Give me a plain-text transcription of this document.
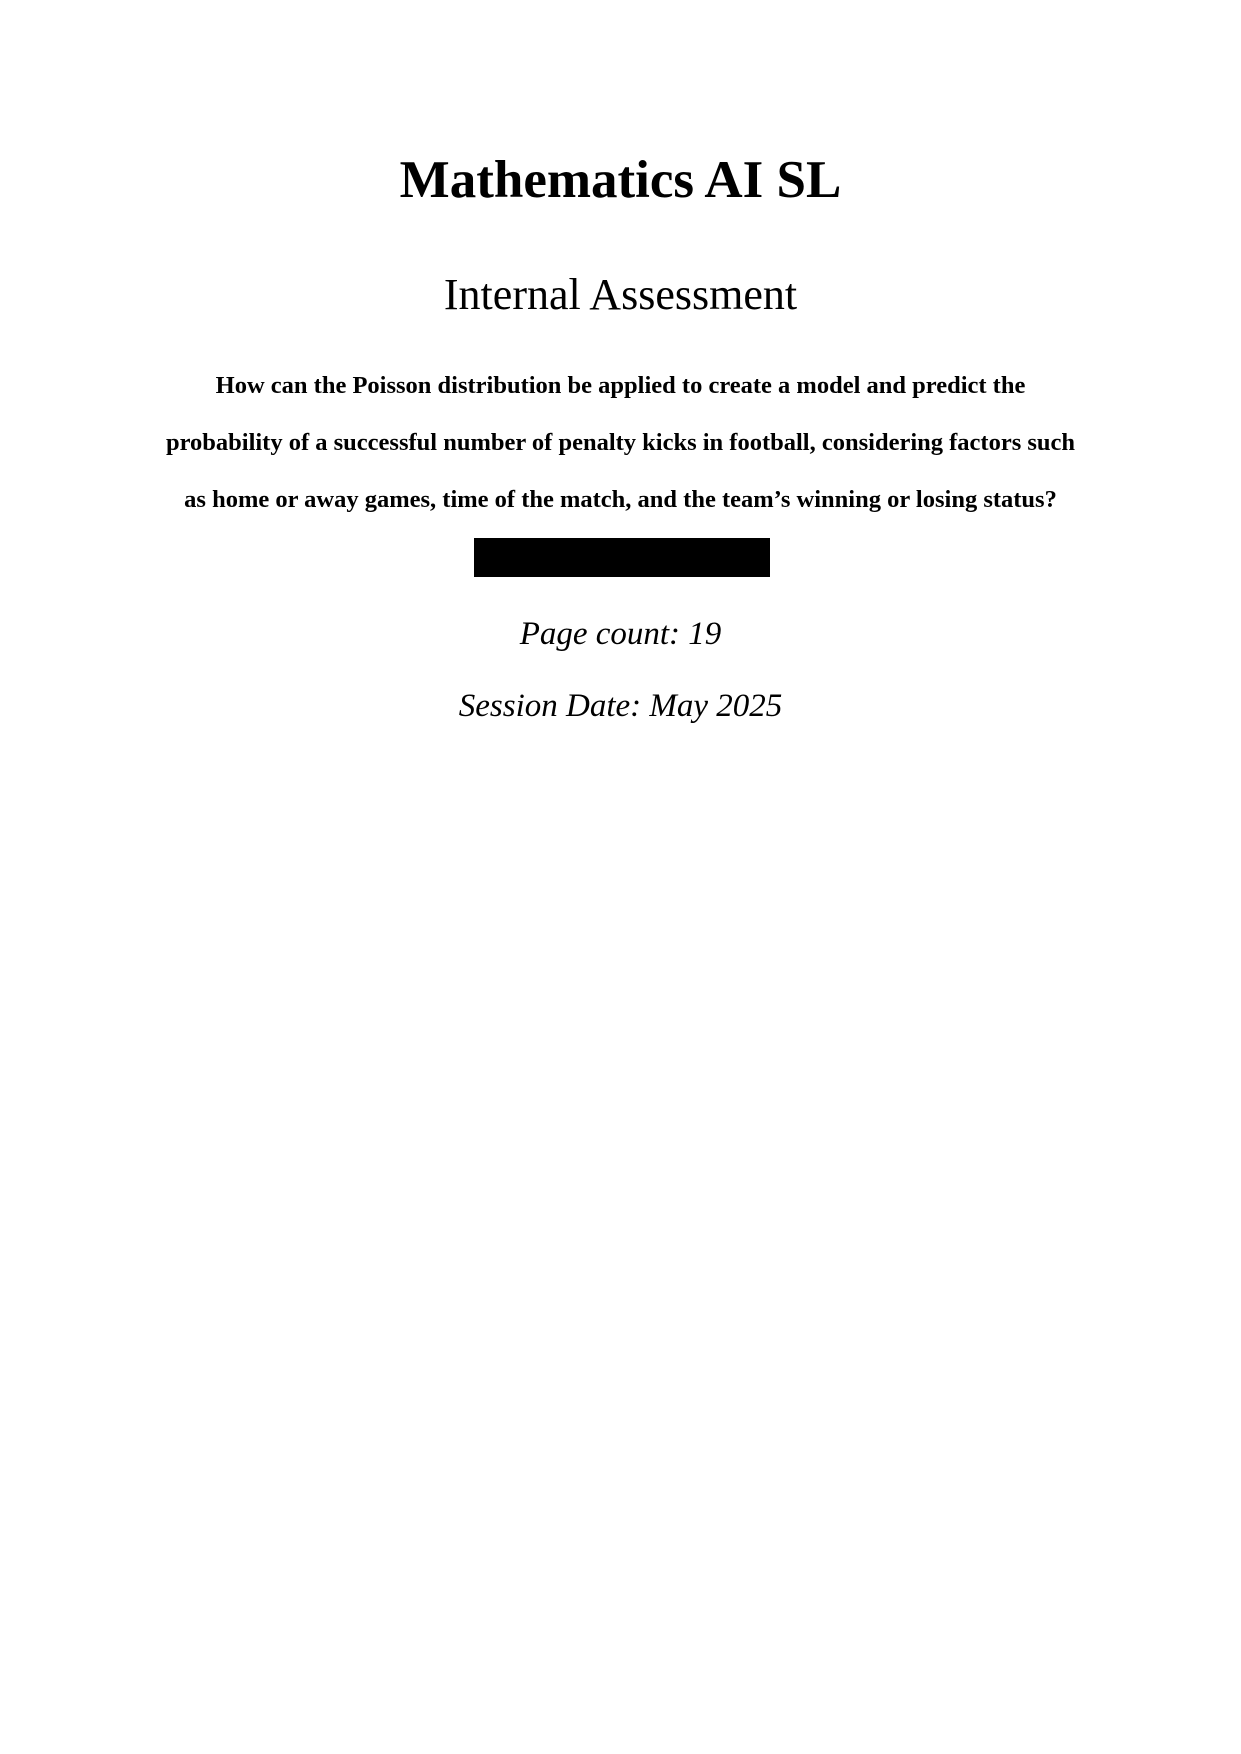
Mathematics AI SL
Internal Assessment

How can the Poisson distribution be applied to create a model and predict the

probability of a successful number of penalty kicks in football, considering factors such

as home or away games, time of the match, and the team’s winning or losing status?

Page count: 19

Session Date: May 2025
